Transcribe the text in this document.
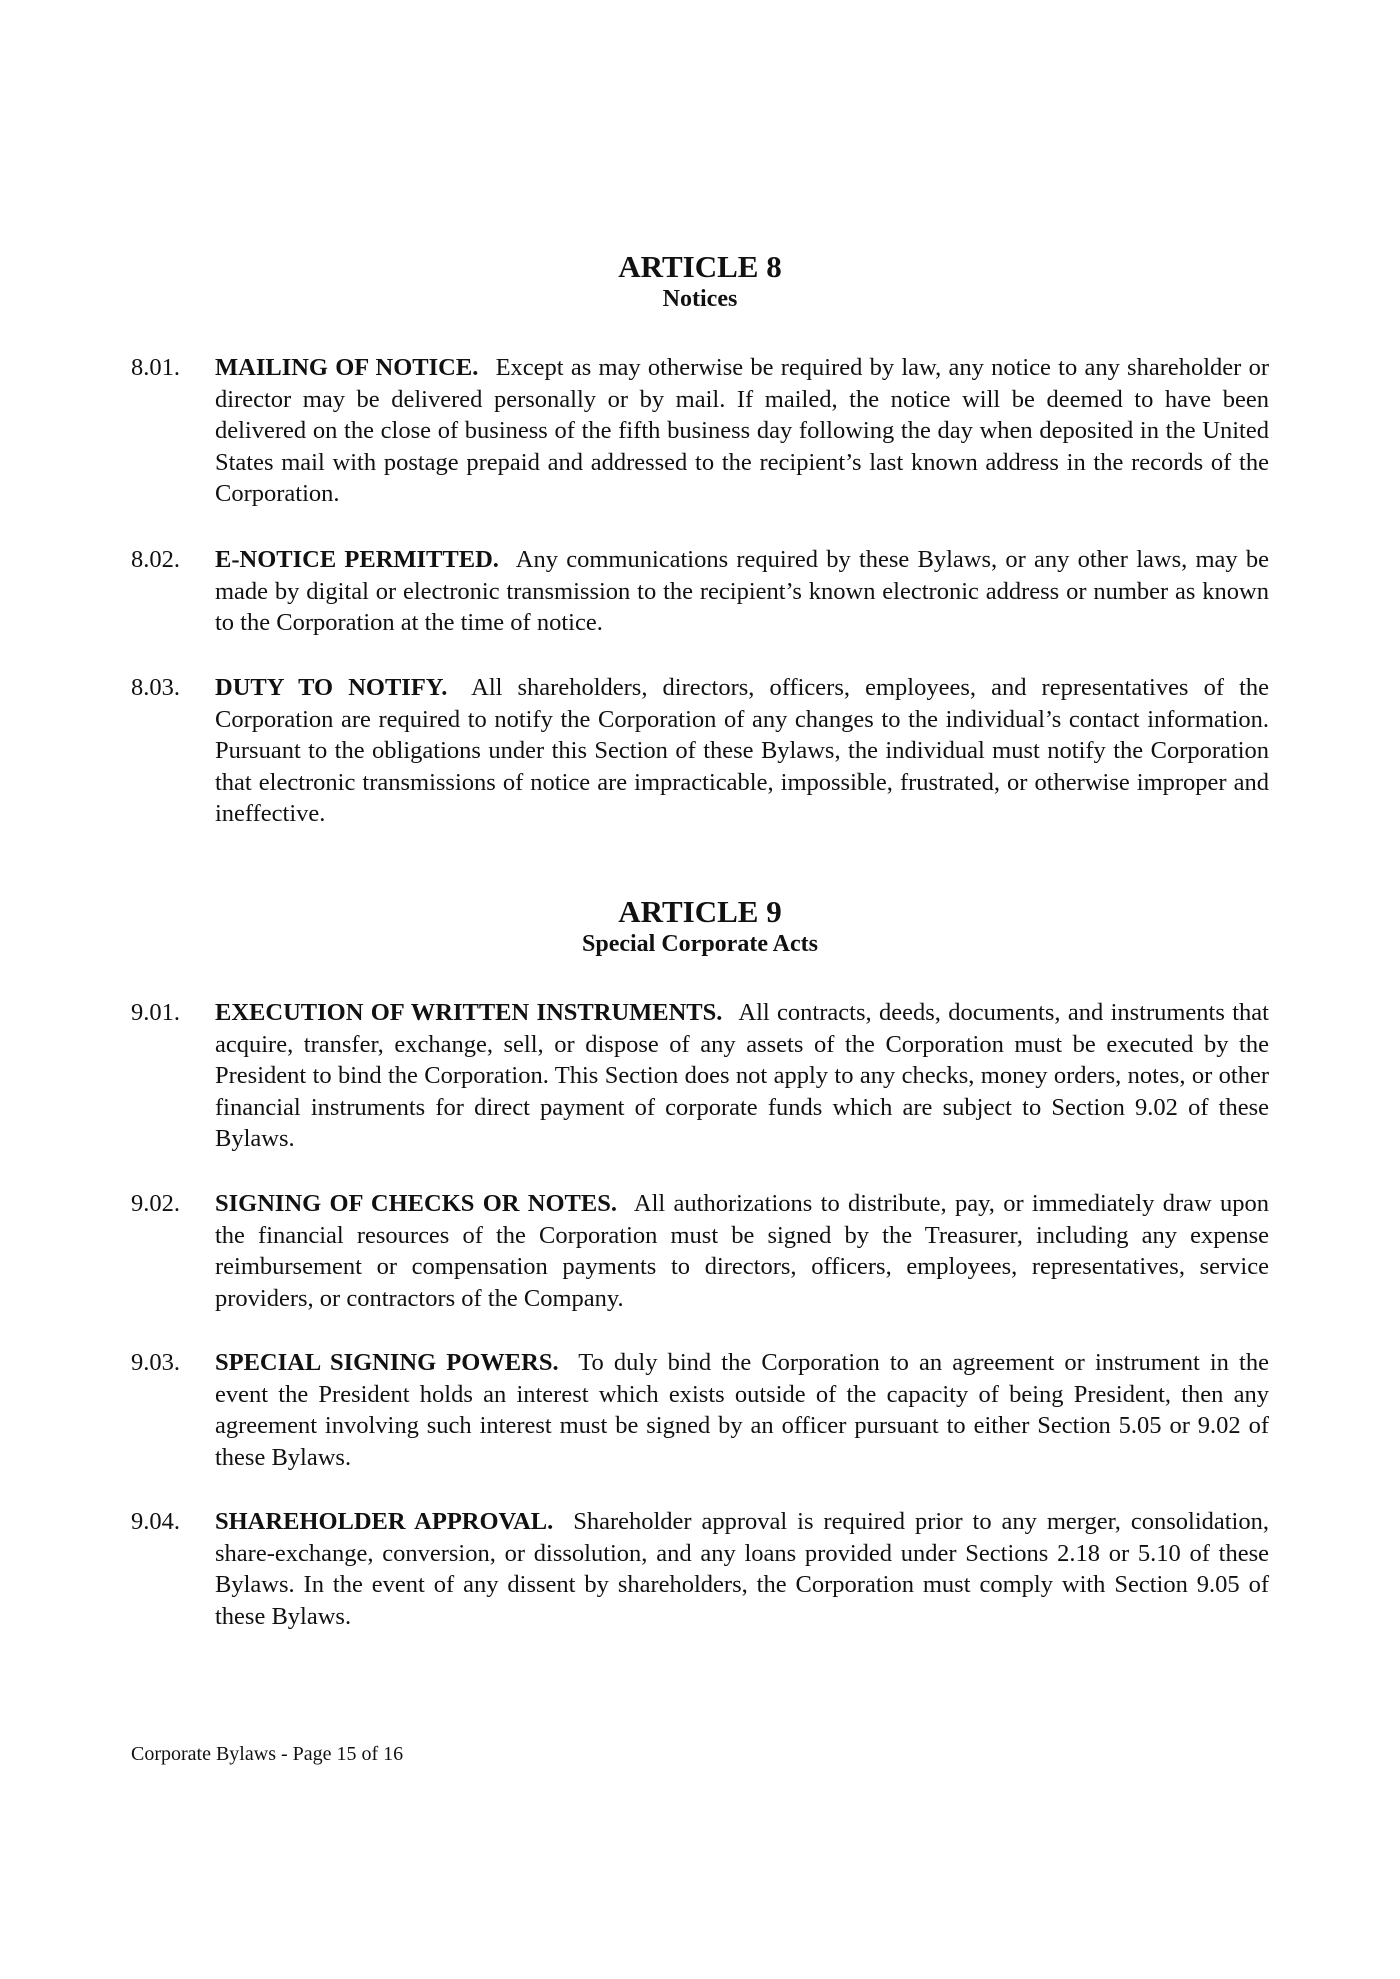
ARTICLE 8
Notices
8.01. MAILING OF NOTICE. Except as may otherwise be required by law, any notice to any shareholder or director may be delivered personally or by mail. If mailed, the notice will be deemed to have been delivered on the close of business of the fifth business day following the day when deposited in the United States mail with postage prepaid and addressed to the recipient’s last known address in the records of the Corporation.
8.02. E-NOTICE PERMITTED. Any communications required by these Bylaws, or any other laws, may be made by digital or electronic transmission to the recipient’s known electronic address or number as known to the Corporation at the time of notice.
8.03. DUTY TO NOTIFY. All shareholders, directors, officers, employees, and representatives of the Corporation are required to notify the Corporation of any changes to the individual’s contact information. Pursuant to the obligations under this Section of these Bylaws, the individual must notify the Corporation that electronic transmissions of notice are impracticable, impossible, frustrated, or otherwise improper and ineffective.
ARTICLE 9
Special Corporate Acts
9.01. EXECUTION OF WRITTEN INSTRUMENTS. All contracts, deeds, documents, and instruments that acquire, transfer, exchange, sell, or dispose of any assets of the Corporation must be executed by the President to bind the Corporation. This Section does not apply to any checks, money orders, notes, or other financial instruments for direct payment of corporate funds which are subject to Section 9.02 of these Bylaws.
9.02. SIGNING OF CHECKS OR NOTES. All authorizations to distribute, pay, or immediately draw upon the financial resources of the Corporation must be signed by the Treasurer, including any expense reimbursement or compensation payments to directors, officers, employees, representatives, service providers, or contractors of the Company.
9.03. SPECIAL SIGNING POWERS. To duly bind the Corporation to an agreement or instrument in the event the President holds an interest which exists outside of the capacity of being President, then any agreement involving such interest must be signed by an officer pursuant to either Section 5.05 or 9.02 of these Bylaws.
9.04. SHAREHOLDER APPROVAL. Shareholder approval is required prior to any merger, consolidation, share-exchange, conversion, or dissolution, and any loans provided under Sections 2.18 or 5.10 of these Bylaws. In the event of any dissent by shareholders, the Corporation must comply with Section 9.05 of these Bylaws.
Corporate Bylaws - Page 15 of 16
